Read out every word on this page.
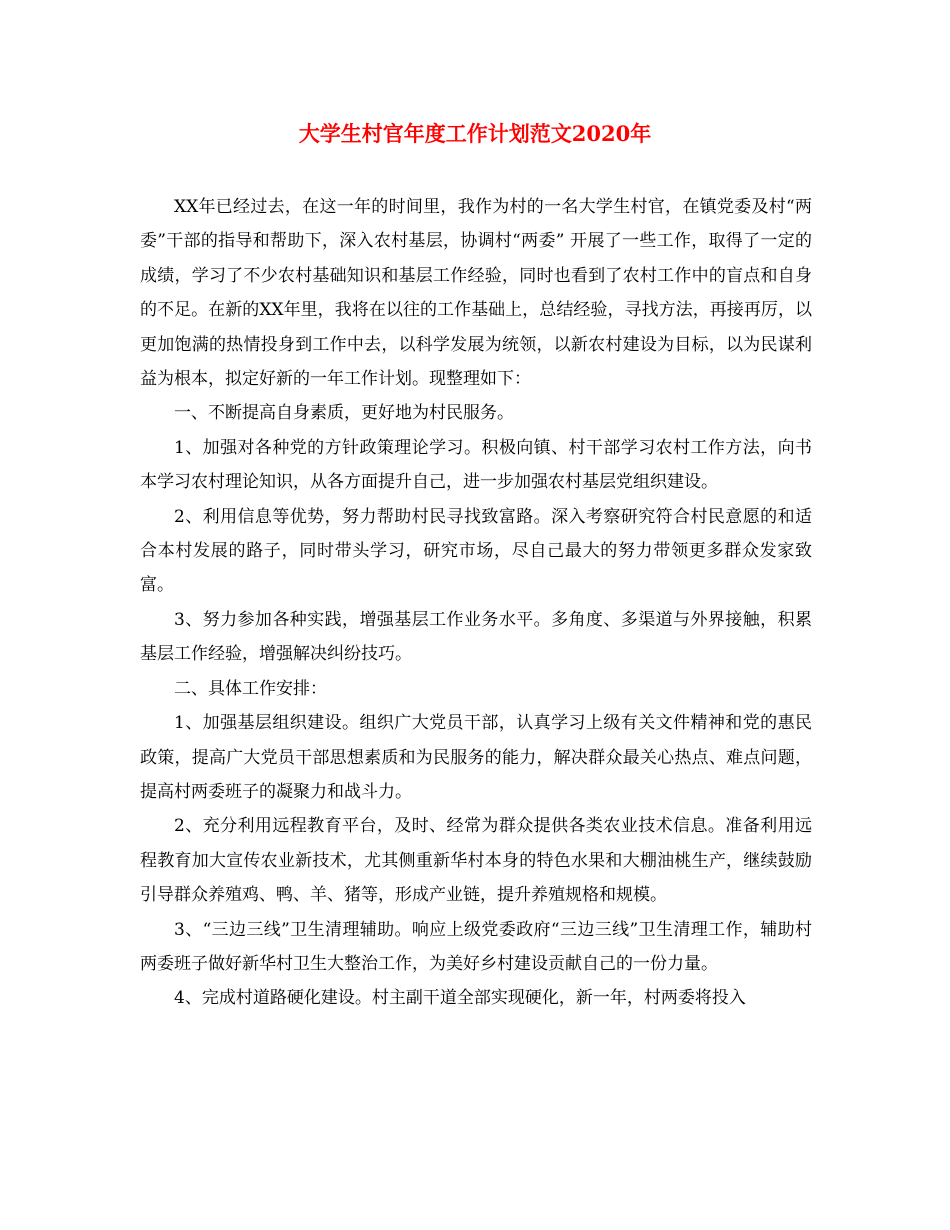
大学生村官年度工作计划范文2020年

XX年已经过去，在这一年的时间里，我作为村的一名大学生村官，在镇党委及村“两委”干部的指导和帮助下，深入农村基层，协调村“两委” 开展了一些工作，取得了一定的成绩，学习了不少农村基础知识和基层工作经验，同时也看到了农村工作中的盲点和自身的不足。在新的XX年里，我将在以往的工作基础上，总结经验，寻找方法，再接再厉，以更加饱满的热情投身到工作中去，以科学发展为统领，以新农村建设为目标，以为民谋利益为根本，拟定好新的一年工作计划。现整理如下：

一、不断提高自身素质，更好地为村民服务。

1、加强对各种党的方针政策理论学习。积极向镇、村干部学习农村工作方法，向书本学习农村理论知识，从各方面提升自己，进一步加强农村基层党组织建设。

2、利用信息等优势，努力帮助村民寻找致富路。深入考察研究符合村民意愿的和适合本村发展的路子，同时带头学习，研究市场，尽自己最大的努力带领更多群众发家致富。

3、努力参加各种实践，增强基层工作业务水平。多角度、多渠道与外界接触，积累基层工作经验，增强解决纠纷技巧。

二、具体工作安排：

1、加强基层组织建设。组织广大党员干部，认真学习上级有关文件精神和党的惠民政策，提高广大党员干部思想素质和为民服务的能力，解决群众最关心热点、难点问题，提高村两委班子的凝聚力和战斗力。

2、充分利用远程教育平台，及时、经常为群众提供各类农业技术信息。准备利用远程教育加大宣传农业新技术，尤其侧重新华村本身的特色水果和大棚油桃生产，继续鼓励引导群众养殖鸡、鸭、羊、猪等，形成产业链，提升养殖规格和规模。

3、“三边三线”卫生清理辅助。响应上级党委政府“三边三线”卫生清理工作，辅助村两委班子做好新华村卫生大整治工作，为美好乡村建设贡献自己的一份力量。

4、完成村道路硬化建设。村主副干道全部实现硬化，新一年，村两委将投入
